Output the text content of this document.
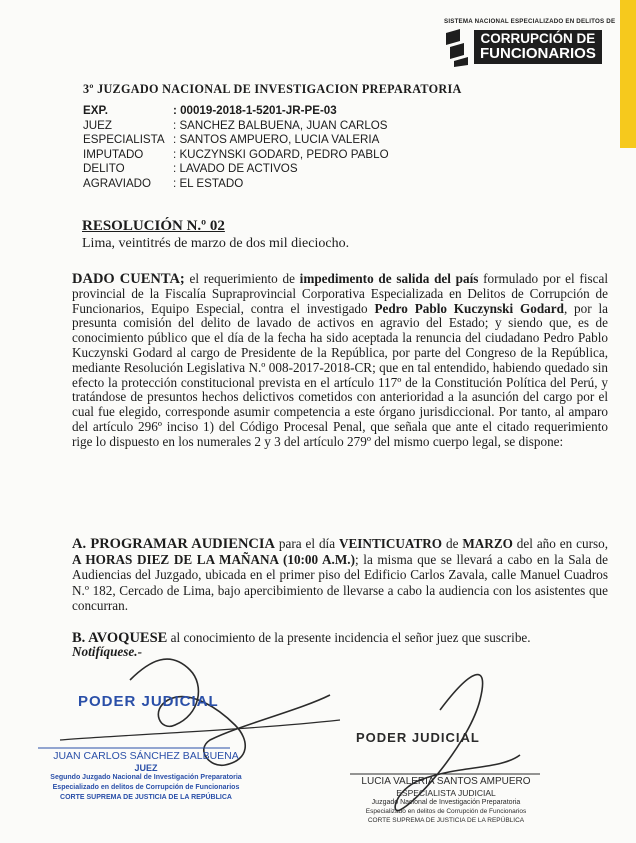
SISTEMA NACIONAL ESPECIALIZADO EN DELITOS DE
CORRUPCIÓN DE
FUNCIONARIOS
3º JUZGADO NACIONAL DE INVESTIGACION PREPARATORIA
EXP.	: 00019-2018-1-5201-JR-PE-03
JUEZ	: SANCHEZ BALBUENA, JUAN CARLOS
ESPECIALISTA : SANTOS AMPUERO, LUCIA VALERIA
IMPUTADO	: KUCZYNSKI GODARD, PEDRO PABLO
DELITO	: LAVADO DE ACTIVOS
AGRAVIADO	: EL ESTADO
RESOLUCIÓN N.º 02
Lima, veintitrés de marzo de dos mil dieciocho.
DADO CUENTA; el requerimiento de impedimento de salida del país formulado por el fiscal provincial de la Fiscalía Supraprovincial Corporativa Especializada en Delitos de Corrupción de Funcionarios, Equipo Especial, contra el investigado Pedro Pablo Kuczynski Godard, por la presunta comisión del delito de lavado de activos en agravio del Estado; y siendo que, es de conocimiento público que el día de la fecha ha sido aceptada la renuncia del ciudadano Pedro Pablo Kuczynski Godard al cargo de Presidente de la República, por parte del Congreso de la República, mediante Resolución Legislativa N.º 008-2017-2018-CR; que en tal entendido, habiendo quedado sin efecto la protección constitucional prevista en el artículo 117º de la Constitución Política del Perú, y tratándose de presuntos hechos delictivos cometidos con anterioridad a la asunción del cargo por el cual fue elegido, corresponde asumir competencia a este órgano jurisdiccional. Por tanto, al amparo del artículo 296º inciso 1) del Código Procesal Penal, que señala que ante el citado requerimiento rige lo dispuesto en los numerales 2 y 3 del artículo 279º del mismo cuerpo legal, se dispone:
A. PROGRAMAR AUDIENCIA para el día VEINTICUATRO de MARZO del año en curso, A HORAS DIEZ DE LA MAÑANA (10:00 A.M.); la misma que se llevará a cabo en la Sala de Audiencias del Juzgado, ubicada en el primer piso del Edificio Carlos Zavala, calle Manuel Cuadros N.º 182, Cercado de Lima, bajo apercibimiento de llevarse a cabo la audiencia con los asistentes que concurran.
B. AVOQUESE al conocimiento de la presente incidencia el señor juez que suscribe.
Notifíquese.-
PODER JUDICIAL
JUAN CARLOS SÁNCHEZ BALBUENA
JUEZ
Segundo Juzgado Nacional de Investigación Preparatoria
Especializado en delitos de Corrupción de Funcionarios
CORTE SUPREMA DE JUSTICIA DE LA REPÚBLICA
PODER JUDICIAL
LUCIA VALERIA SANTOS AMPUERO
ESPECIALISTA JUDICIAL
Juzgado Nacional de Investigación Preparatoria
Especializado en delitos de Corrupción de Funcionarios
CORTE SUPREMA DE JUSTICIA DE LA REPÚBLICA
